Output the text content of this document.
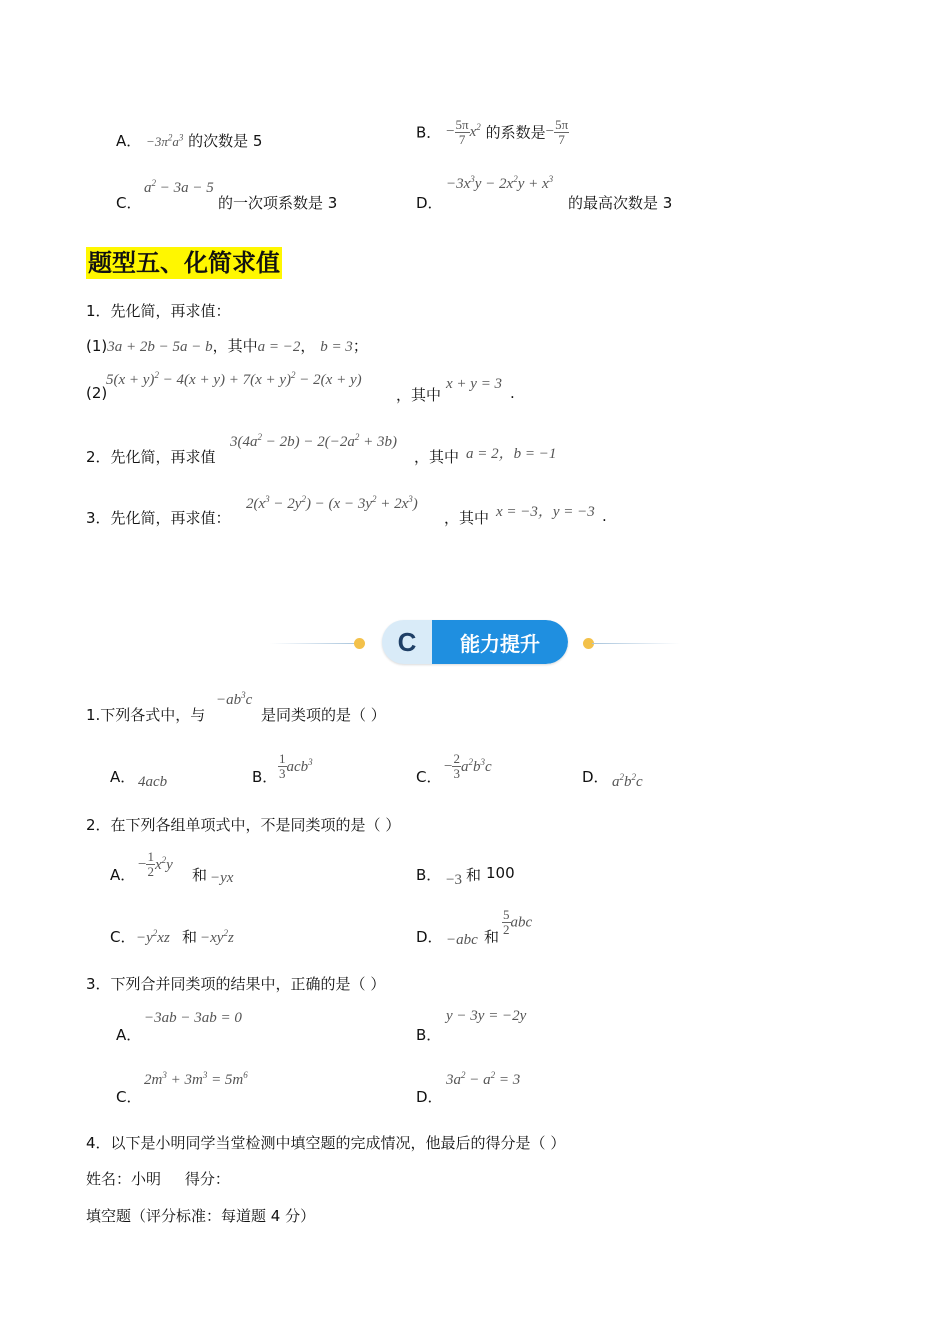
A． $-3\pi^2a^3$ 的次数是 5	B． − $\frac{5\pi}{7} x^2$ 的系数是− $\frac{5\pi}{7}$
C．
$a^2 - 3a - 5$
的一次项系数是 3	D．
$-3x^3y - 2x^2y + x^3$
的最高次数是 3
题型五、化简求值
1．先化简，再求值：
(1)3a + 2b − 5a − b，其中a = −2， b = 3；
(2)
$5(x + y)^2 - 4(x + y) + 7(x + y)^2 - 2(x + y)$
，其中
x + y = 3 .
2．先化简，再求值
$3(4a^2 - 2b) - 2(-2a^2 + 3b)$
，其中 a = 2，b = −1
3．先化简，再求值：
$2(x^3 - 2y^2) - (x - 3y^2 + 2x^3)$
，其中 x = −3，y = −3 .
C	能力提升
1.下列各式中，与
$-ab^3c$
是同类项的是（ ）
A． 4acb	B． $\frac{1}{3} acb^3$
C．
− $\frac{2}{3} a^2b^3c$
D． $a^2b^2c$
2．在下列各组单项式中，不是同类项的是（ ）
A．
− $\frac{1}{2} x^2y$
和 −yx	B． −3 和 100
C． $-y^2xz$ 和 $-xy^2z$	D． −abc 和
$\frac{5}{2}$ abc
3．下列合并同类项的结果中，正确的是（ ）
A．
−3ab − 3ab = 0
B．
y − 3y = −2y
C．
$2m^3 + 3m^3 = 5m^6$
D．
$3a^2 - a^2 = 3$
4．以下是小明同学当堂检测中填空题的完成情况，他最后的得分是（ ）
姓名：小明     得分：
填空题（评分标准：每道题 4 分）
